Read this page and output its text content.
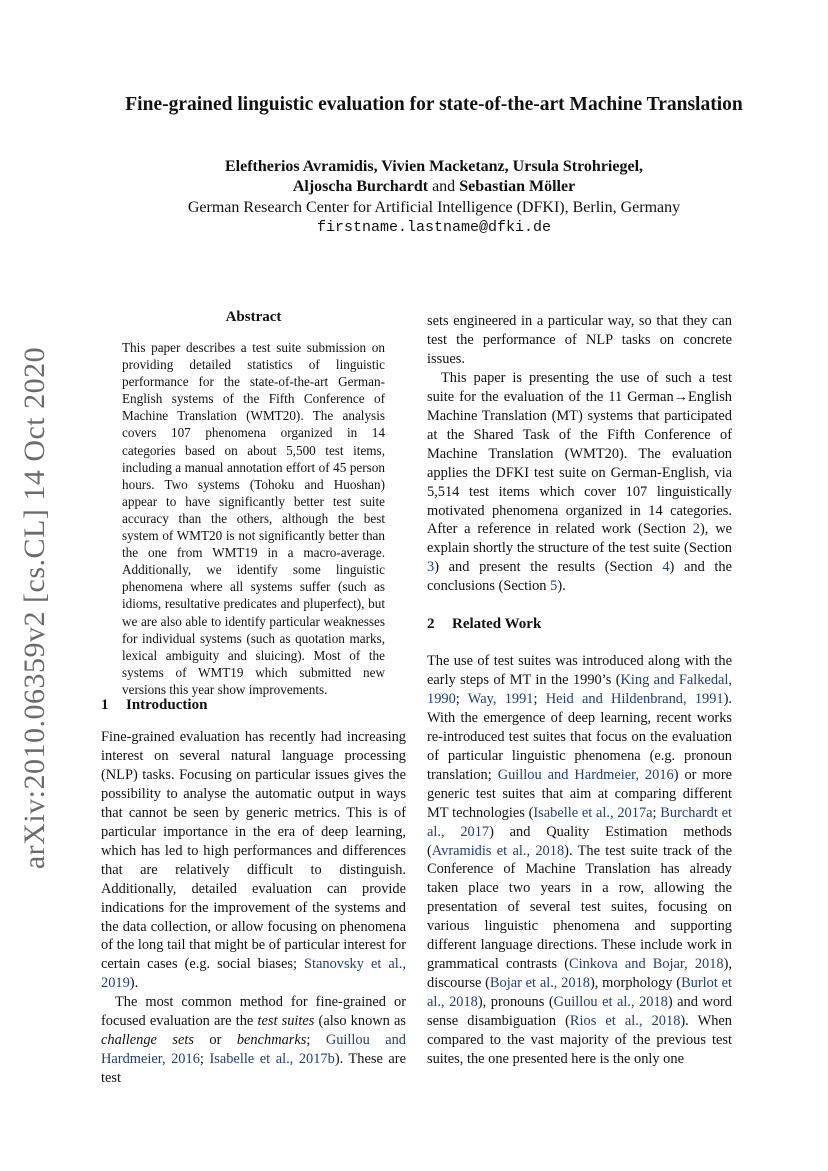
arXiv:2010.06359v2 [cs.CL] 14 Oct 2020
Fine-grained linguistic evaluation for state-of-the-art Machine Translation
Eleftherios Avramidis, Vivien Macketanz, Ursula Strohriegel,
Aljoscha Burchardt and Sebastian Möller
German Research Center for Artificial Intelligence (DFKI), Berlin, Germany
firstname.lastname@dfki.de
Abstract
This paper describes a test suite submission on providing detailed statistics of linguistic performance for the state-of-the-art German-English systems of the Fifth Conference of Machine Translation (WMT20). The analysis covers 107 phenomena organized in 14 categories based on about 5,500 test items, including a manual annotation effort of 45 person hours. Two systems (Tohoku and Huoshan) appear to have significantly better test suite accuracy than the others, although the best system of WMT20 is not significantly better than the one from WMT19 in a macro-average. Additionally, we identify some linguistic phenomena where all systems suffer (such as idioms, resultative predicates and pluperfect), but we are also able to identify particular weaknesses for individual systems (such as quotation marks, lexical ambiguity and sluicing). Most of the systems of WMT19 which submitted new versions this year show improvements.
1 Introduction

Fine-grained evaluation has recently had increasing interest on several natural language processing (NLP) tasks. Focusing on particular issues gives the possibility to analyse the automatic output in ways that cannot be seen by generic metrics. This is of particular importance in the era of deep learning, which has led to high performances and differences that are relatively difficult to distinguish. Additionally, detailed evaluation can provide indications for the improvement of the systems and the data collection, or allow focusing on phenomena of the long tail that might be of particular interest for certain cases (e.g. social biases; Stanovsky et al., 2019).

The most common method for fine-grained or focused evaluation are the test suites (also known as challenge sets or benchmarks; Guillou and Hardmeier, 2016; Isabelle et al., 2017b). These are test

sets engineered in a particular way, so that they can test the performance of NLP tasks on concrete issues.

This paper is presenting the use of such a test suite for the evaluation of the 11 German→English Machine Translation (MT) systems that participated at the Shared Task of the Fifth Conference of Machine Translation (WMT20). The evaluation applies the DFKI test suite on German-English, via 5,514 test items which cover 107 linguistically motivated phenomena organized in 14 categories. After a reference in related work (Section 2), we explain shortly the structure of the test suite (Section 3) and present the results (Section 4) and the conclusions (Section 5).

2 Related Work

The use of test suites was introduced along with the early steps of MT in the 1990’s (King and Falkedal, 1990; Way, 1991; Heid and Hildenbrand, 1991). With the emergence of deep learning, recent works re-introduced test suites that focus on the evaluation of particular linguistic phenomena (e.g. pronoun translation; Guillou and Hardmeier, 2016) or more generic test suites that aim at comparing different MT technologies (Isabelle et al., 2017a; Burchardt et al., 2017) and Quality Estimation methods (Avramidis et al., 2018). The test suite track of the Conference of Machine Translation has already taken place two years in a row, allowing the presentation of several test suites, focusing on various linguistic phenomena and supporting different language directions. These include work in grammatical contrasts (Cinkova and Bojar, 2018), discourse (Bojar et al., 2018), morphology (Burlot et al., 2018), pronouns (Guillou et al., 2018) and word sense disambiguation (Rios et al., 2018). When compared to the vast majority of the previous test suites, the one presented here is the only one
